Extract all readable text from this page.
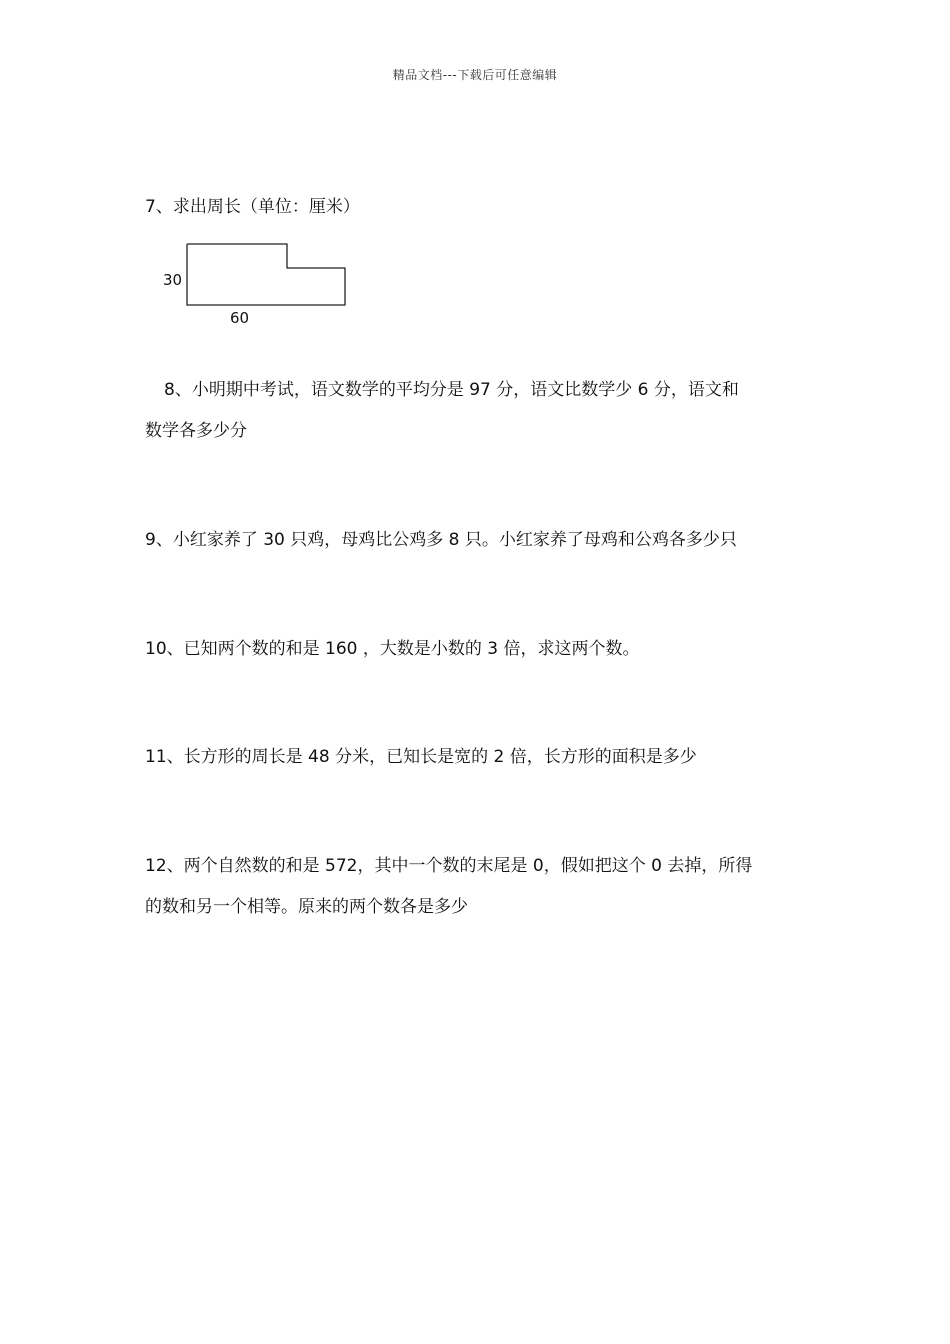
精品文档---下载后可任意编辑
7、求出周长（单位：厘米）
30
60
8、小明期中考试，语文数学的平均分是 97 分，语文比数学少 6 分，语文和
数学各多少分
9、小红家养了 30 只鸡，母鸡比公鸡多 8 只。小红家养了母鸡和公鸡各多少只
10、已知两个数的和是 160 ，大数是小数的 3 倍，求这两个数。
11、长方形的周长是 48 分米，已知长是宽的 2 倍，长方形的面积是多少
12、两个自然数的和是 572，其中一个数的末尾是 0，假如把这个 0 去掉，所得
的数和另一个相等。原来的两个数各是多少
